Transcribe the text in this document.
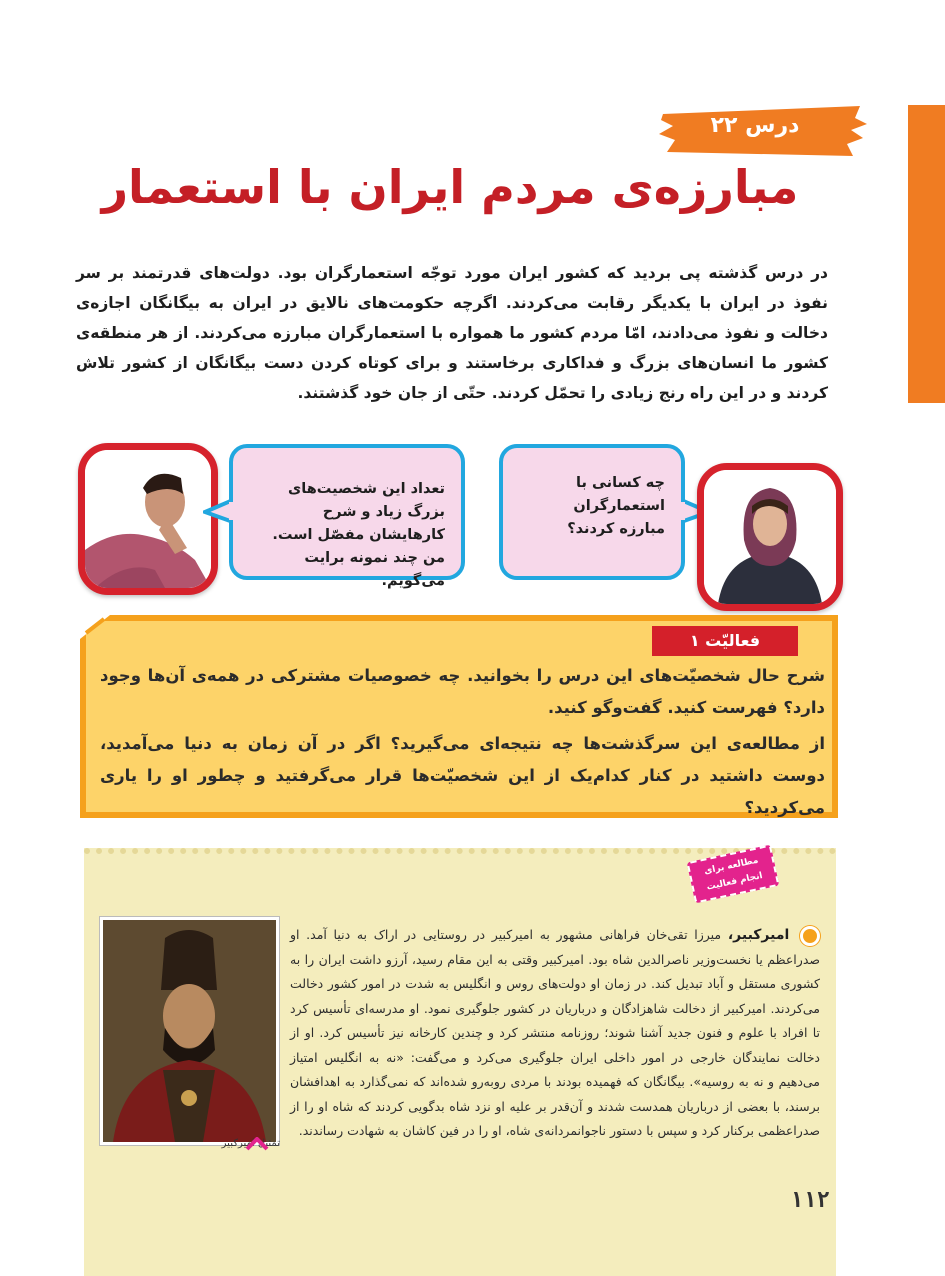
درس ۲۲
مبارزه‌ی مردم ایران با استعمار
در درس گذشته پی بردید که کشور ایران مورد توجّه استعمارگران بود. دولت‌های قدرتمند بر سر نفوذ در ایران با یکدیگر رقابت می‌کردند. اگرچه حکومت‌های نالایق در ایران به بیگانگان اجازه‌ی دخالت و نفوذ می‌دادند، امّا مردم کشور ما همواره با استعمارگران مبارزه می‌کردند. از هر منطقه‌ی کشور ما انسان‌های بزرگ و فداکاری برخاستند و برای کوتاه کردن دست بیگانگان از کشور تلاش کردند و در این راه رنج زیادی را تحمّل کردند. حتّی از جان خود گذشتند.
تعداد این شخصیت‌های بزرگ زیاد و شرح کارهایشان مفصّل است. من چند نمونه برایت می‌گویم.
چه کسانی با استعمارگران مبارزه کردند؟
فعالیّت ۱
شرح حال شخصیّت‌های این درس را بخوانید. چه خصوصیات مشترکی در همه‌ی آن‌ها وجود دارد؟ فهرست کنید. گفت‌وگو کنید.
از مطالعه‌ی این سرگذشت‌ها چه نتیجه‌ای می‌گیرید؟ اگر در آن زمان به دنیا می‌آمدید، دوست داشتید در کنار کدام‌یک از این شخصیّت‌ها قرار می‌گرفتید و چطور او را یاری می‌کردید؟
مطالعه برای
انجام فعالیت
تمثیل امیرکبیر
امیرکبیر، میرزا تقی‌خان فراهانی مشهور به امیرکبیر در روستایی در اراک به دنیا آمد. او صدراعظم یا نخست‌وزیر ناصرالدین شاه بود. امیرکبیر وقتی به این مقام رسید، آرزو داشت ایران را به کشوری مستقل و آباد تبدیل کند. در زمان او دولت‌های روس و انگلیس به شدت در امور کشور دخالت می‌کردند. امیرکبیر از دخالت شاهزادگان و درباریان در کشور جلوگیری نمود. او مدرسه‌ای تأسیس کرد تا افراد با علوم و فنون جدید آشنا شوند؛ روزنامه منتشر کرد و چندین کارخانه نیز تأسیس کرد. او از دخالت نمایندگان خارجی در امور داخلی ایران جلوگیری می‌کرد و می‌گفت: «نه به انگلیس امتیاز می‌دهیم و نه به روسیه». بیگانگان که فهمیده بودند با مردی روبه‌رو شده‌اند که نمی‌گذارد به اهدافشان برسند، با بعضی از درباریان همدست شدند و آن‌قدر بر علیه او نزد شاه بدگویی کردند که شاه او را از صدراعظمی برکنار کرد و سپس با دستور ناجوانمردانه‌ی شاه، او را در فین کاشان به شهادت رساندند.
۱۱۲
